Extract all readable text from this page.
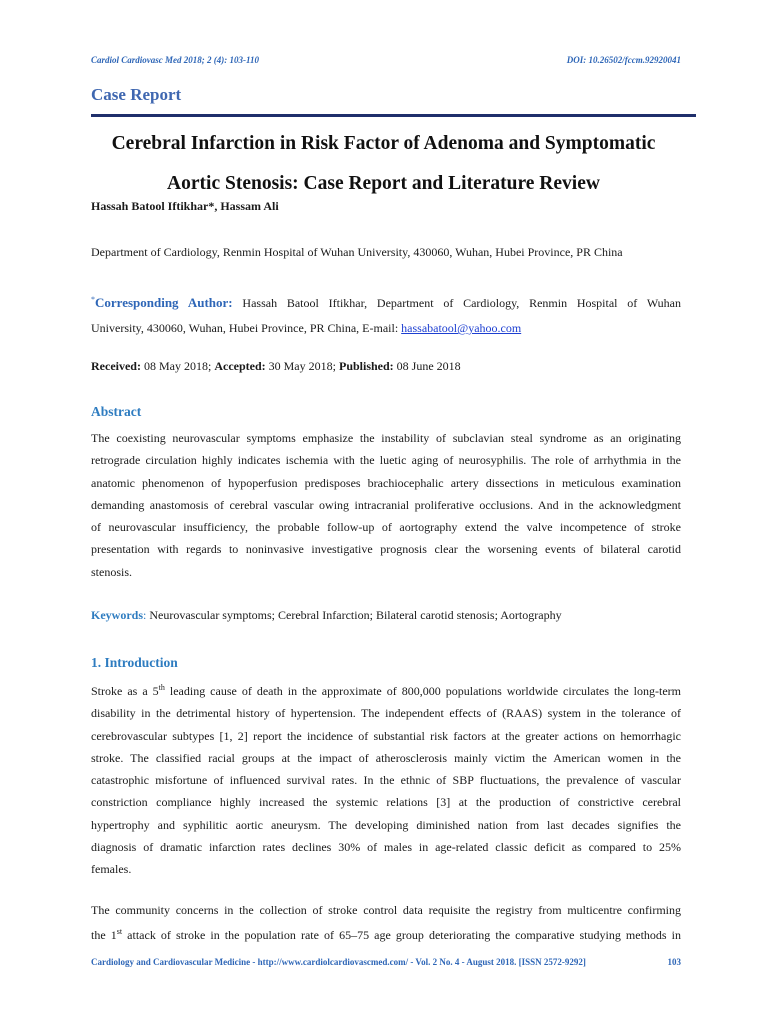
Cardiol Cardiovasc Med 2018; 2 (4): 103-110	DOI: 10.26502/fccm.92920041
Case Report
Cerebral Infarction in Risk Factor of Adenoma and Symptomatic
Aortic Stenosis: Case Report and Literature Review
Hassah Batool Iftikhar*, Hassam Ali
Department of Cardiology, Renmin Hospital of Wuhan University, 430060, Wuhan, Hubei Province, PR China
*Corresponding Author: Hassah Batool Iftikhar, Department of Cardiology, Renmin Hospital of Wuhan
University, 430060, Wuhan, Hubei Province, PR China, E-mail: hassabatool@yahoo.com
Received: 08 May 2018; Accepted: 30 May 2018; Published: 08 June 2018
Abstract
The coexisting neurovascular symptoms emphasize the instability of subclavian steal syndrome as an originating
retrograde circulation highly indicates ischemia with the luetic aging of neurosyphilis. The role of arrhythmia in the
anatomic phenomenon of hypoperfusion predisposes brachiocephalic artery dissections in meticulous examination
demanding anastomosis of cerebral vascular owing intracranial proliferative occlusions. And in the acknowledgment
of neurovascular insufficiency, the probable follow-up of aortography extend the valve incompetence of stroke
presentation with regards to noninvasive investigative prognosis clear the worsening events of bilateral carotid
stenosis.
Keywords: Neurovascular symptoms; Cerebral Infarction; Bilateral carotid stenosis; Aortography
1. Introduction
Stroke as a 5th leading cause of death in the approximate of 800,000 populations worldwide circulates the long-term
disability in the detrimental history of hypertension. The independent effects of (RAAS) system in the tolerance of
cerebrovascular subtypes [1, 2] report the incidence of substantial risk factors at the greater actions on hemorrhagic
stroke. The classified racial groups at the impact of atherosclerosis mainly victim the American women in the
catastrophic misfortune of influenced survival rates. In the ethnic of SBP fluctuations, the prevalence of vascular
constriction compliance highly increased the systemic relations [3] at the production of constrictive cerebral
hypertrophy and syphilitic aortic aneurysm. The developing diminished nation from last decades signifies the
diagnosis of dramatic infarction rates declines 30% of males in age-related classic deficit as compared to 25%
females.
The community concerns in the collection of stroke control data requisite the registry from multicentre confirming
the 1st attack of stroke in the population rate of 65–75 age group deteriorating the comparative studying methods in
Cardiology and Cardiovascular Medicine - http://www.cardiolcardiovascmed.com/ - Vol. 2 No. 4 - August 2018. [ISSN 2572-9292]	103
